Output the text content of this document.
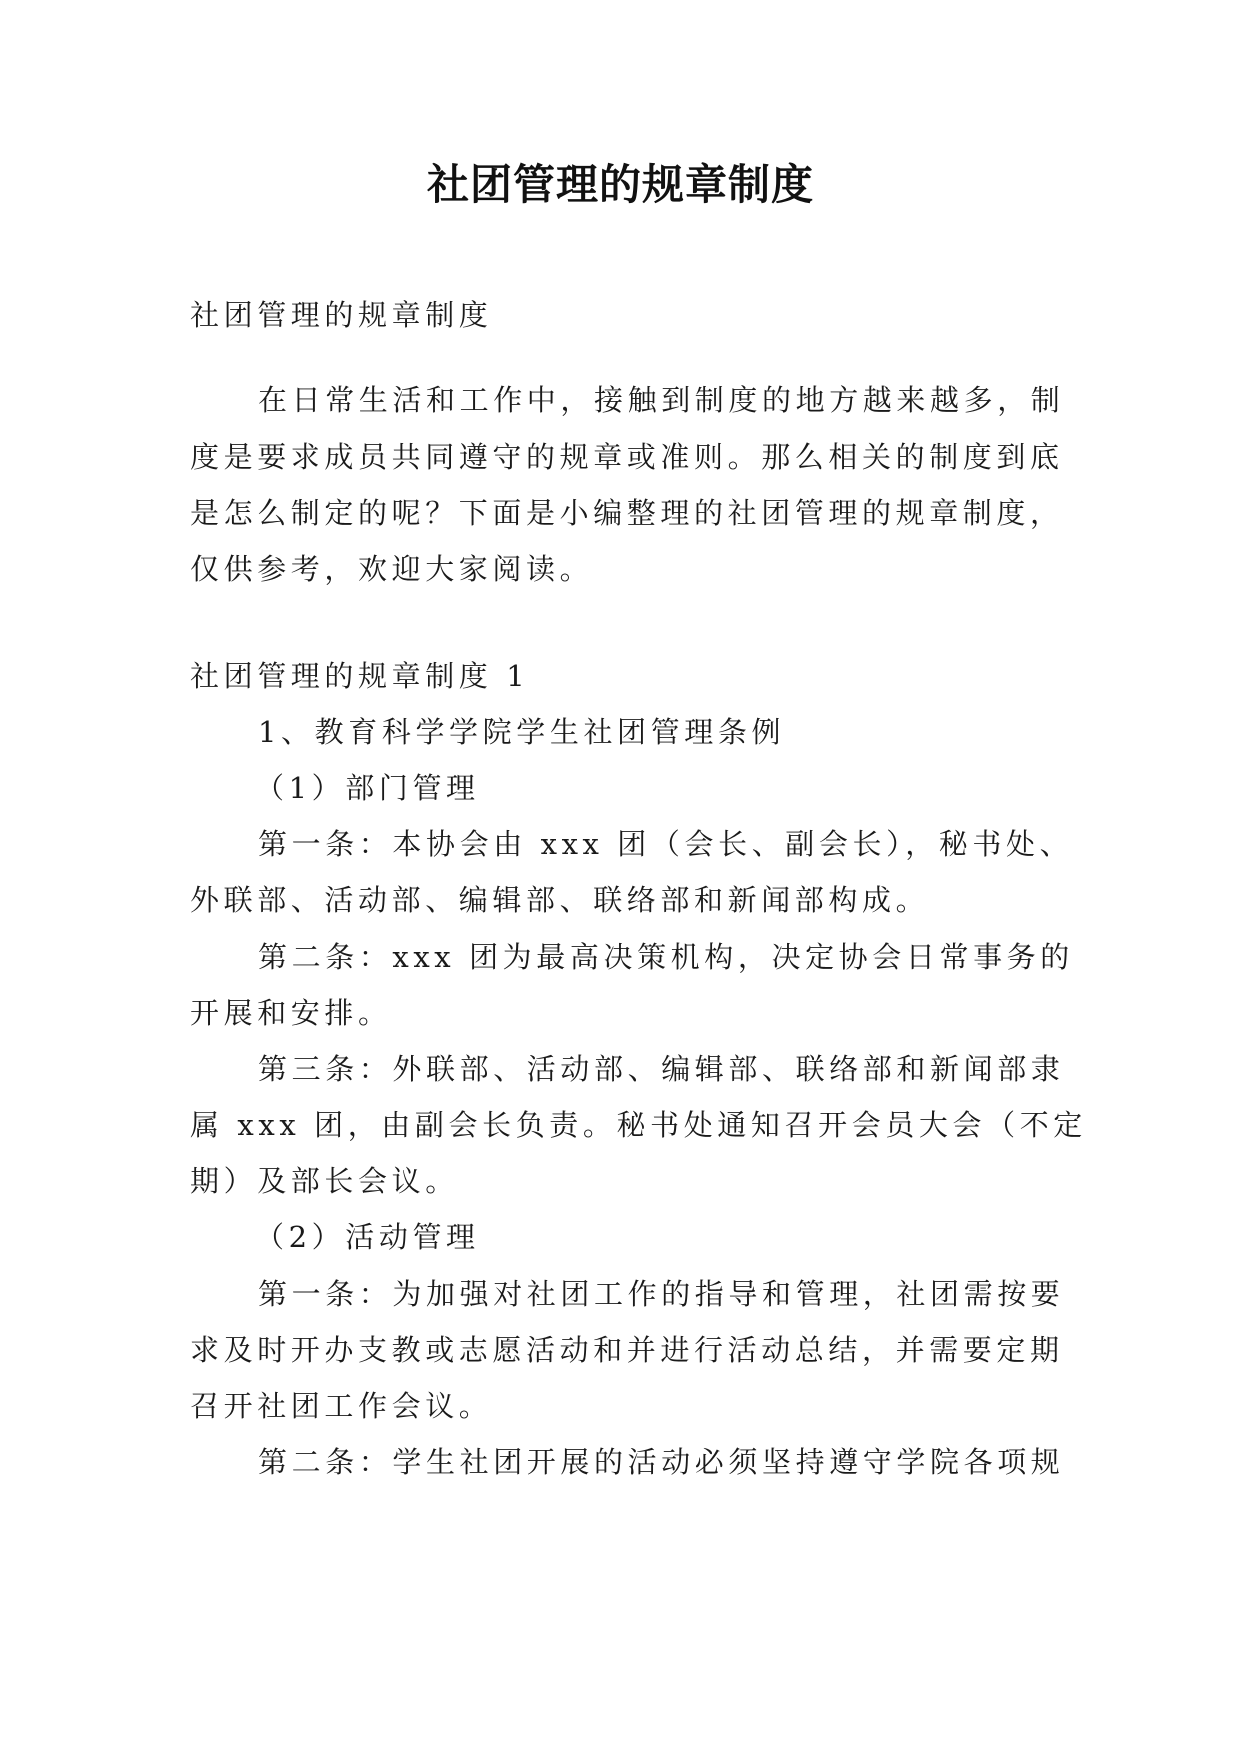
社团管理的规章制度
社团管理的规章制度
在日常生活和工作中，接触到制度的地方越来越多，制
度是要求成员共同遵守的规章或准则。那么相关的制度到底
是怎么制定的呢？下面是小编整理的社团管理的规章制度，
仅供参考，欢迎大家阅读。
社团管理的规章制度 1
1、教育科学学院学生社团管理条例
（1）部门管理
第一条：本协会由 xxx 团（会长、副会长），秘书处、
外联部、活动部、编辑部、联络部和新闻部构成。
第二条：xxx 团为最高决策机构，决定协会日常事务的
开展和安排。
第三条：外联部、活动部、编辑部、联络部和新闻部隶
属 xxx 团，由副会长负责。秘书处通知召开会员大会（不定
期）及部长会议。
（2）活动管理
第一条：为加强对社团工作的指导和管理，社团需按要
求及时开办支教或志愿活动和并进行活动总结，并需要定期
召开社团工作会议。
第二条：学生社团开展的活动必须坚持遵守学院各项规
